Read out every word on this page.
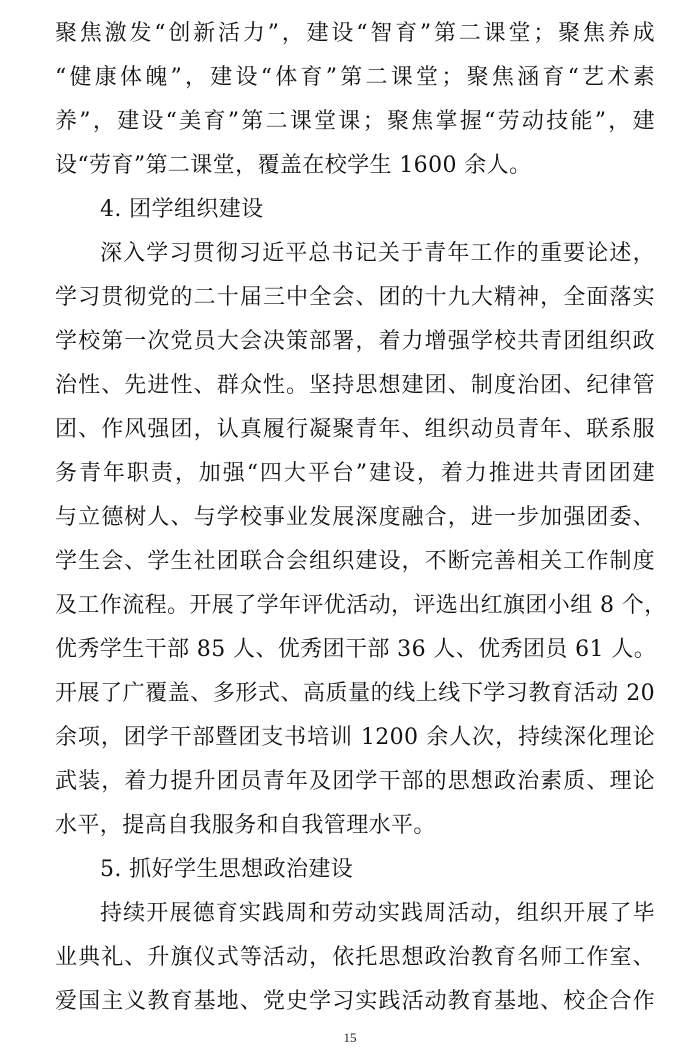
聚焦激发“创新活力”，建设“智育”第二课堂；聚焦养成
“健康体魄”，建设“体育”第二课堂；聚焦涵育“艺术素
养”，建设“美育”第二课堂课；聚焦掌握“劳动技能”，建
设“劳育”第二课堂，覆盖在校学生 1600 余人。
4. 团学组织建设
深入学习贯彻习近平总书记关于青年工作的重要论述，
学习贯彻党的二十届三中全会、团的十九大精神，全面落实
学校第一次党员大会决策部署，着力增强学校共青团组织政
治性、先进性、群众性。坚持思想建团、制度治团、纪律管
团、作风强团，认真履行凝聚青年、组织动员青年、联系服
务青年职责，加强“四大平台”建设，着力推进共青团团建
与立德树人、与学校事业发展深度融合，进一步加强团委、
学生会、学生社团联合会组织建设，不断完善相关工作制度
及工作流程。开展了学年评优活动，评选出红旗团小组 8 个，
优秀学生干部 85 人、优秀团干部 36 人、优秀团员 61 人。
开展了广覆盖、多形式、高质量的线上线下学习教育活动 20
余项，团学干部暨团支书培训 1200 余人次，持续深化理论
武装，着力提升团员青年及团学干部的思想政治素质、理论
水平，提高自我服务和自我管理水平。
5. 抓好学生思想政治建设
持续开展德育实践周和劳动实践周活动，组织开展了毕
业典礼、升旗仪式等活动，依托思想政治教育名师工作室、
爱国主义教育基地、党史学习实践活动教育基地、校企合作
15
